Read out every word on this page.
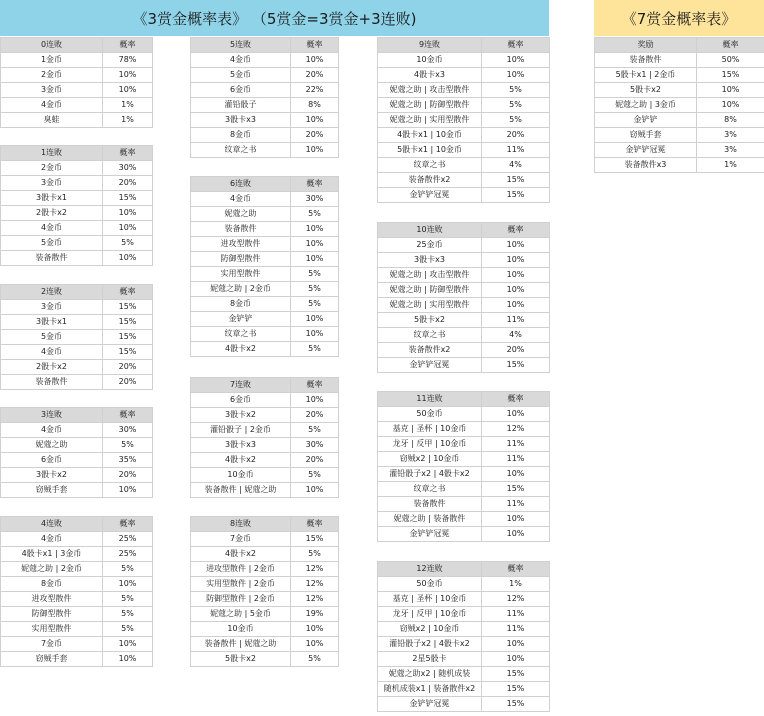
《3赏金概率表》 （5赏金=3赏金+3连败)	《7赏金概率表》
0连败	概率
1金币	78%
2金币	10%
3金币	10%
4金币	1%
臭蛙	1%
1连败	概率
2金币	30%
3金币	20%
3骰卡x1	15%
2骰卡x2	10%
4金币	10%
5金币	5%
装备散件	10%
2连败	概率
3金币	15%
3骰卡x1	15%
5金币	15%
4金币	15%
2骰卡x2	20%
装备散件	20%
3连败	概率
4金币	30%
妮蔻之助	5%
6金币	35%
3骰卡x2	20%
窃贼手套	10%
4连败	概率
4金币	25%
4骰卡x1 | 3金币	25%
妮蔻之助 | 2金币	5%
8金币	10%
进攻型散件	5%
防御型散件	5%
实用型散件	5%
7金币	10%
窃贼手套	10%
5连败	概率
4金币	10%
5金币	20%
6金币	22%
灌铅骰子	8%
3骰卡x3	10%
8金币	20%
纹章之书	10%
6连败	概率
4金币	30%
妮蔻之助	5%
装备散件	10%
进攻型散件	10%
防御型散件	10%
实用型散件	5%
妮蔻之助 | 2金币	5%
8金币	5%
金铲铲	10%
纹章之书	10%
4骰卡x2	5%
7连败	概率
6金币	10%
3骰卡x2	20%
灌铅骰子 | 2金币	5%
3骰卡x3	30%
4骰卡x2	20%
10金币	5%
装备散件 | 妮蔻之助	10%
8连败	概率
7金币	15%
4骰卡x2	5%
进攻型散件 | 2金币	12%
实用型散件 | 2金币	12%
防御型散件 | 2金币	12%
妮蔻之助 | 5金币	19%
10金币	10%
装备散件 | 妮蔻之助	10%
5骰卡x2	5%
9连败	概率
10金币	10%
4骰卡x3	10%
妮蔻之助 | 攻击型散件	5%
妮蔻之助 | 防御型散件	5%
妮蔻之助 | 实用型散件	5%
4骰卡x1 | 10金币	20%
5骰卡x1 | 10金币	11%
纹章之书	4%
装备散件x2	15%
金铲铲冠冕	15%
10连败	概率
25金币	10%
3骰卡x3	10%
妮蔻之助 | 攻击型散件	10%
妮蔻之助 | 防御型散件	10%
妮蔻之助 | 实用型散件	10%
5骰卡x2	11%
纹章之书	4%
装备散件x2	20%
金铲铲冠冕	15%
11连败	概率
50金币	10%
基克 | 圣杯 | 10金币	12%
龙牙 | 反甲 | 10金币	11%
窃贼x2 | 10金币	11%
灌铅骰子x2 | 4骰卡x2	10%
纹章之书	15%
装备散件	11%
妮蔻之助 | 装备散件	10%
金铲铲冠冕	10%
12连败	概率
50金币	1%
基克 | 圣杯 | 10金币	12%
龙牙 | 反甲 | 10金币	11%
窃贼x2 | 10金币	11%
灌铅骰子x2 | 4骰卡x2	10%
2星5骰卡	10%
妮蔻之助x2 | 随机成装	15%
随机成装x1 | 装备散件x2	15%
金铲铲冠冕	15%
奖励	概率
装备散件	50%
5骰卡x1 | 2金币	15%
5骰卡x2	10%
妮蔻之助 | 3金币	10%
金铲铲	8%
窃贼手套	3%
金铲铲冠冕	3%
装备散件x3	1%
